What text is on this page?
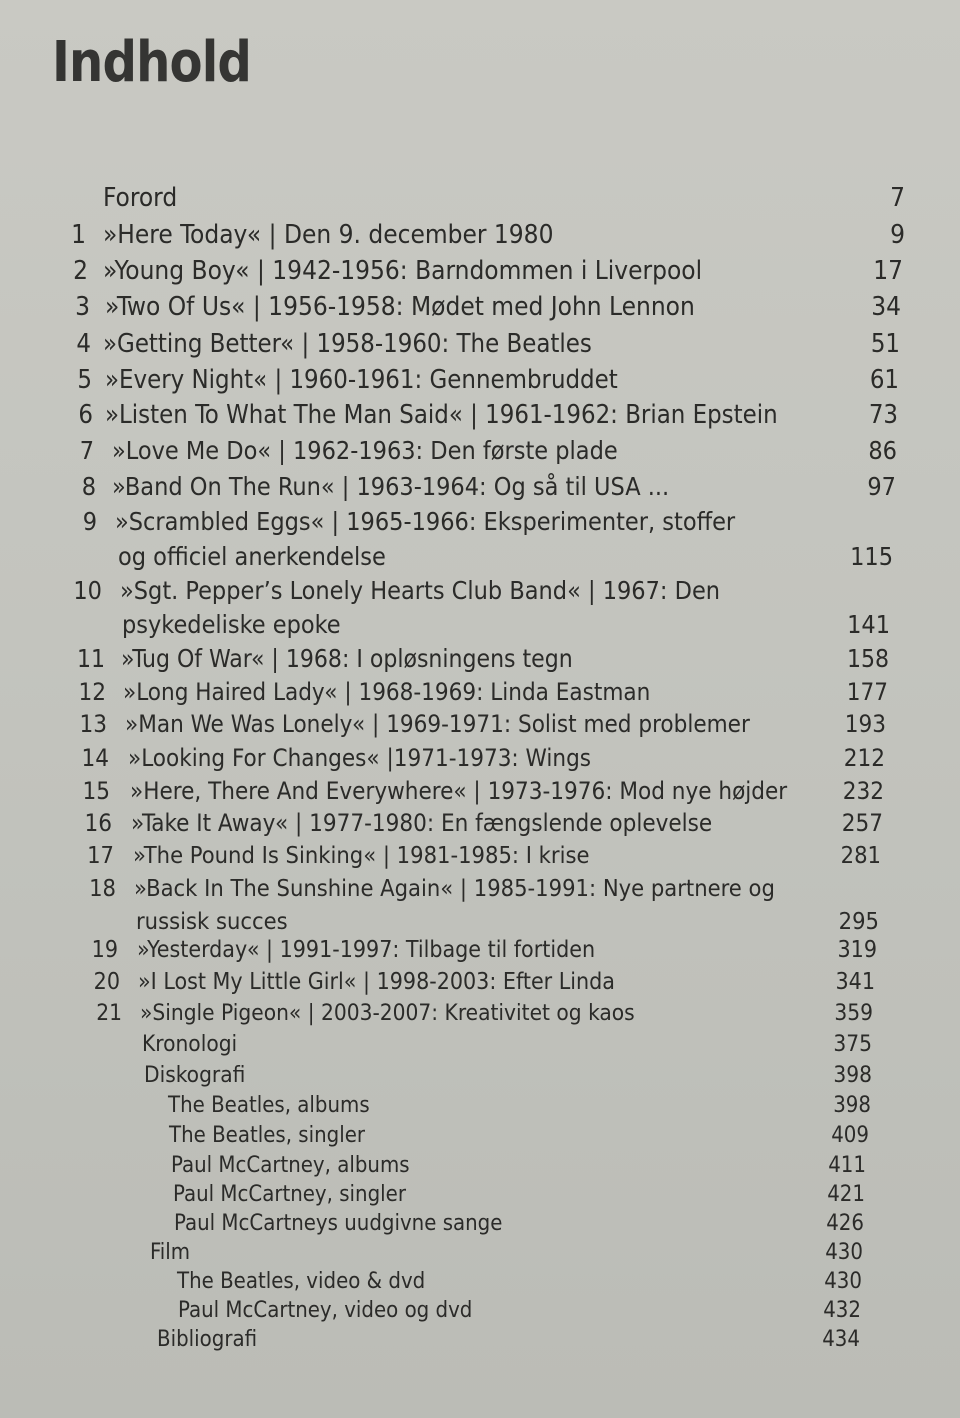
Indhold
Forord	7
1 »Here Today« | Den 9. december 1980	9
2 »Young Boy« | 1942-1956: Barndommen i Liverpool	17
3 »Two Of Us« | 1956-1958: Mødet med John Lennon	34
4 »Getting Better« | 1958-1960: The Beatles	51
5 »Every Night« | 1960-1961: Gennembruddet	61
6 »Listen To What The Man Said« | 1961-1962: Brian Epstein	73
7 »Love Me Do« | 1962-1963: Den første plade	86
8 »Band On The Run« | 1963-1964: Og så til USA ...	97
9 »Scrambled Eggs« | 1965-1966: Eksperimenter, stoffer
og officiel anerkendelse	115
10 »Sgt. Pepper’s Lonely Hearts Club Band« | 1967: Den
psykedeliske epoke	141
11 »Tug Of War« | 1968: I opløsningens tegn	158
12 »Long Haired Lady« | 1968-1969: Linda Eastman	177
13 »Man We Was Lonely« | 1969-1971: Solist med problemer	193
14 »Looking For Changes« |1971-1973: Wings	212
15 »Here, There And Everywhere« | 1973-1976: Mod nye højder 232
16 »Take It Away« | 1977-1980: En fængslende oplevelse	257
17 »The Pound Is Sinking« | 1981-1985: I krise	281
18 »Back In The Sunshine Again« | 1985-1991: Nye partnere og
russisk succes	295
19 »Yesterday« | 1991-1997: Tilbage til fortiden	319
20 »I Lost My Little Girl« | 1998-2003: Efter Linda	341
21 »Single Pigeon« | 2003-2007: Kreativitet og kaos	359
Kronologi	375
Diskografi	398
The Beatles, albums	398
The Beatles, singler	409
Paul McCartney, albums	411
Paul McCartney, singler	421
Paul McCartneys uudgivne sange	426
Film	430
The Beatles, video & dvd	430
Paul McCartney, video og dvd	432
Bibliografi	434
